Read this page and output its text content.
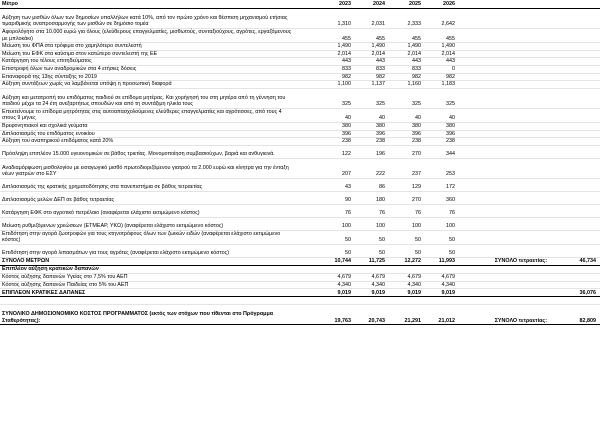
Μέτρο	2023	2024	2025	2026		
Αύξηση των μισθών όλων των δημοσίων υπαλλήλων κατά 10%, από τον πρώτο χρόνο και θέσπιση μηχανισμού ετήσιας τιμαριθμικής αναπροσαρμογής των μισθών σε δημόσιο τομέα	1,310	2,031	2,333	2,642		
Αφορολόγητο στα 10.000 ευρώ για όλους (ελεύθερους επαγγελματίες, μισθωτούς, συνταξιούχους, αγρότες, εργαζόμενους με μπλοκάκι)	455	455	455	455		
Μείωση του ΦΠΑ στα τρόφιμα στο χαμηλότερο συντελεστή	1,490	1,490	1,490	1,490		
Μείωση του ΕΦΚ στα καύσιμα στον κατώτερο συντελεστή της ΕΕ	2,014	2,014	2,014	2,014		
Κατάργηση του τέλους επιτηδεύματος	443	443	443	443		
Επιστροφή όλων των αναδρομικών στα 4 ετήσιες δόσεις	833	833	833	0		
Επαναφορά της 13ης σύνταξης το 2019	982	982	982	982		
Αύξηση συντάξεων χωρίς να λαμβάνεται υπόψη η προσωπική διαφορά	1,100	1,137	1,160	1,183		
Αύξηση και μετατροπή του επιδόματος παιδιού σε επίδομα μητέρας. Και χορήγησή του στη μητέρα από τη γέννηση του παιδιού μέχρι τα 24 έτη ανεξαρτήτως σπουδών και από τη συντάξιμη ηλικία τους	325	325	325	325		
Επεκτείνουμε το επίδομα μητρότητας στις αυτοαπασχολούμενες ελεύθερες επαγγελματίες και αγρότισσες, από τους 4 στους 9 μήνες	40	40	40	40		
Βρεφονηπιακοί και σχολικά γεύματα	380	380	380	380		
Διπλασιασμός του επιδόματος ενοικίου	396	396	396	396		
Αύξηση του αναπηρικού επιδόματος κατά 20%	238	238	238	238		
Πρόσληψη επιπλέον 15.000 υγειονομικών σε βάθος τριετίας. Μονομοποίηση συμβασιούχων, βαριά και ανθυγιεινά.	122	196	270	344		
Αναδιαμόρφωση μισθολογίου με εισαγωγικό μισθό πρωτοδιοριζόμενου γιατρού τα 2.000 ευρώ και κίνητρα για την ένταξη νέων γιατρών στο ΕΣΥ	207	222	237	253		
Διπλασιασμός της κρατικής χρηματοδότησης στα πανεπιστήμια σε βάθος τετραετίας	43	86	129	172		
Διπλασιασμός μελών ΔΕΠ σε βάθος τετραετίας	90	180	270	360		
Κατάργηση ΕΦΚ στο αγροτικό πετρέλαιο (αναφέρεται ελάχιστο εκτιμώμενο κόστος)	76	76	76	76		
Μείωση ρυθμιζόμενων χρεώσεων (ΕΤΜΕΑΡ, ΥΚΩ) (αναφέρεται ελάχιστο εκτιμώμενο κόστος)	100	100	100	100		
Επιδότηση στην αγορά ζωοτροφών για τους κτηνοτρόφους όλων των ζωικών ειδών (αναφέρεται ελάχιστο εκτιμώμενο κόστος)	50	50	50	50		
Επιδότηση στην αγορά λιπασμάτων για τους αγρότες (αναφέρεται ελάχιστο εκτιμώμενο κόστος)	50	50	50	50		
ΣΥΝΟΛΟ ΜΕΤΡΩΝ	10,744	11,725	12,272	11,993	ΣΥΝΟΛΟ τετραετίας:	46,734
Επιπλέον αύξηση κρατικών δαπανών						
Κόστος αύξησης δαπανών Υγείας στο 7,5% του ΑΕΠ	4,679	4,679	4,679	4,679		
Κόστος αύξησης δαπανών Παιδείας στο 5% του ΑΕΠ	4,340	4,340	4,340	4,340		
ΕΠΙΠΛΕΟΝ ΚΡΑΤΙΚΕΣ ΔΑΠΑΝΕΣ	9,019	9,019	9,019	9,019		36,076

ΣΥΝΟΛΙΚΟ ΔΗΜΟΣΙΟΝΟΜΙΚΟ ΚΟΣΤΟΣ ΠΡΟΓΡΑΜΜΑΤΟΣ (εκτός των στόχων που τίθενται στο Πρόγραμμα Σταθερότητας):	19,763	20,743	21,291	21,012	ΣΥΝΟΛΟ τετραετίας:	82,809
